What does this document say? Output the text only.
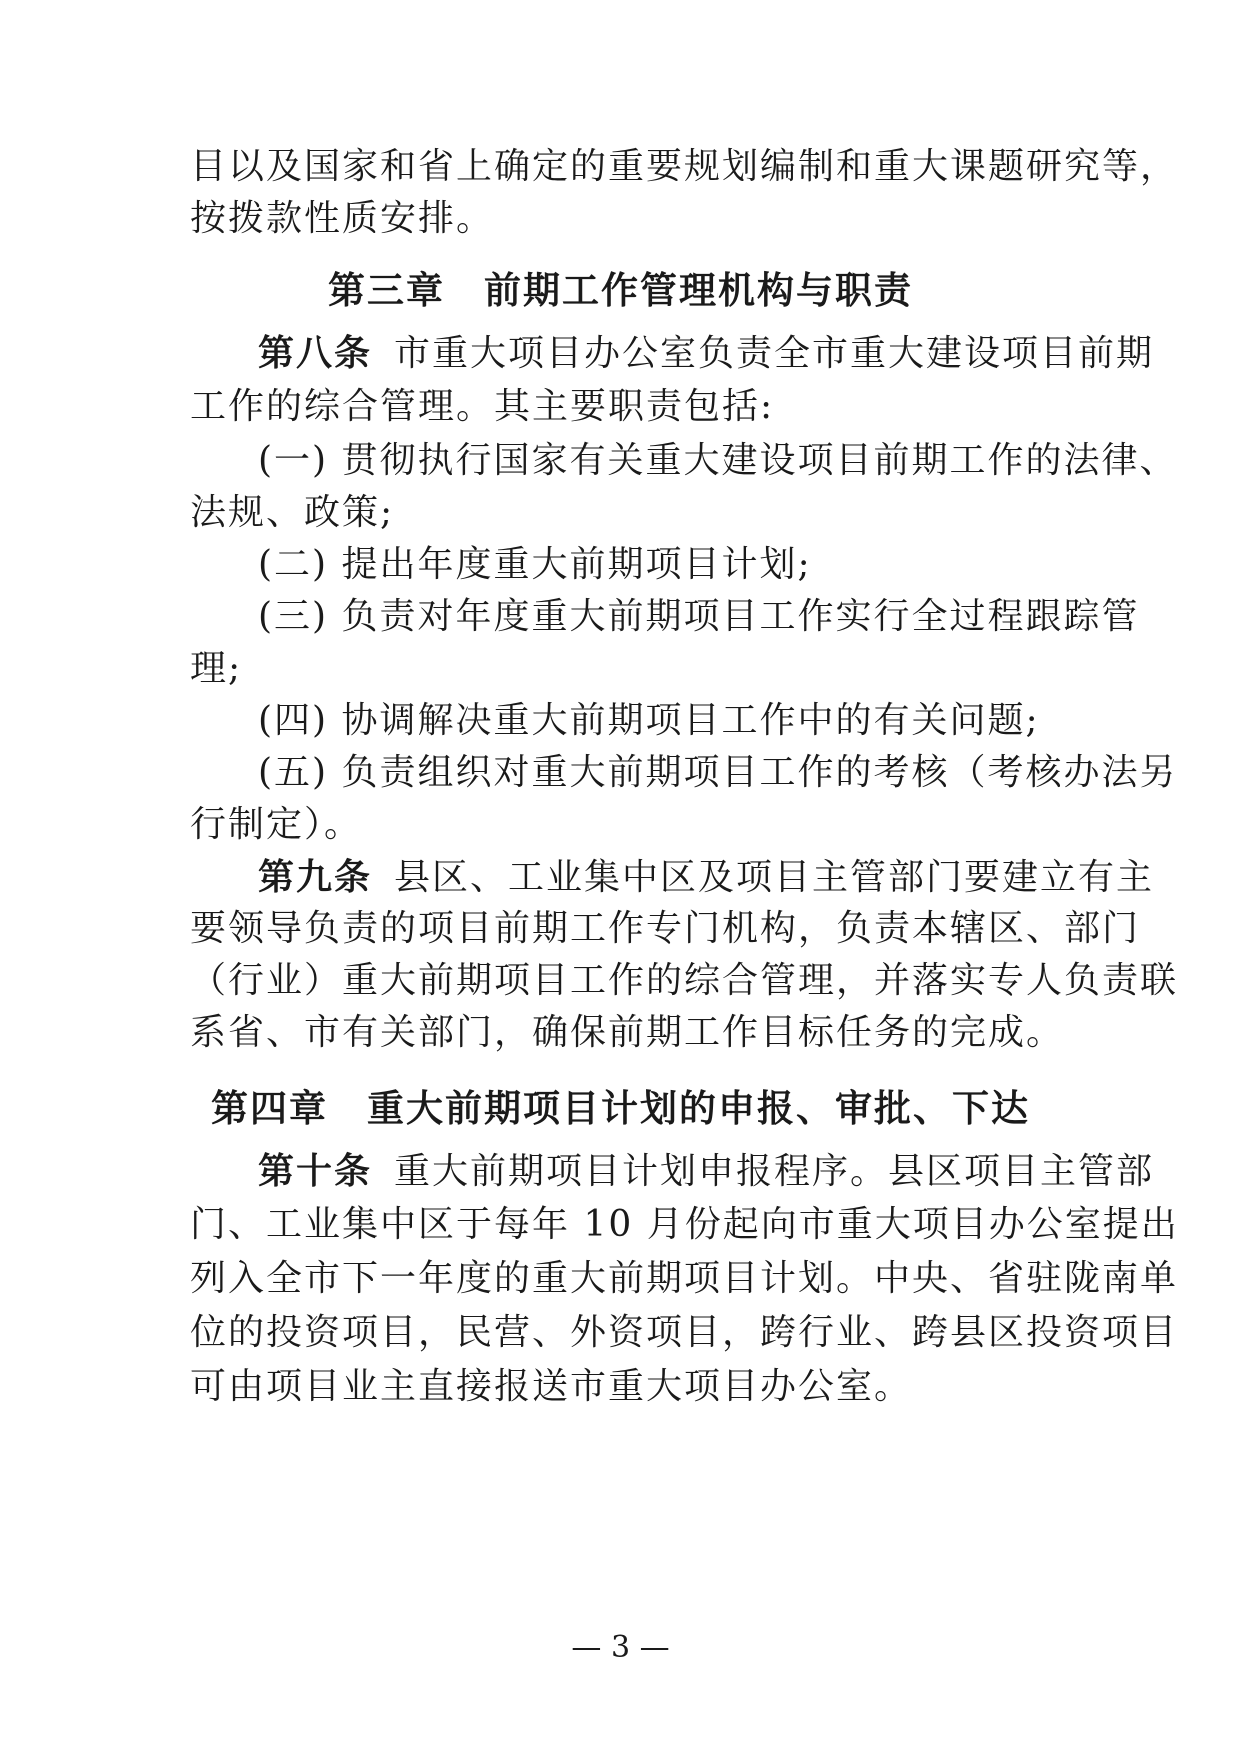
目以及国家和省上确定的重要规划编制和重大课题研究等，
按拨款性质安排。
第三章　前期工作管理机构与职责
第八条 市重大项目办公室负责全市重大建设项目前期
工作的综合管理。其主要职责包括:
(一) 贯彻执行国家有关重大建设项目前期工作的法律、
法规、政策;
(二) 提出年度重大前期项目计划;
(三) 负责对年度重大前期项目工作实行全过程跟踪管
理;
(四) 协调解决重大前期项目工作中的有关问题;
(五) 负责组织对重大前期项目工作的考核（考核办法另
行制定）。
第九条 县区、工业集中区及项目主管部门要建立有主
要领导负责的项目前期工作专门机构，负责本辖区、部门
（行业）重大前期项目工作的综合管理，并落实专人负责联
系省、市有关部门，确保前期工作目标任务的完成。
第四章　重大前期项目计划的申报、审批、下达
第十条 重大前期项目计划申报程序。县区项目主管部
门、工业集中区于每年 10 月份起向市重大项目办公室提出
列入全市下一年度的重大前期项目计划。中央、省驻陇南单
位的投资项目，民营、外资项目，跨行业、跨县区投资项目
可由项目业主直接报送市重大项目办公室。
— 3 —
